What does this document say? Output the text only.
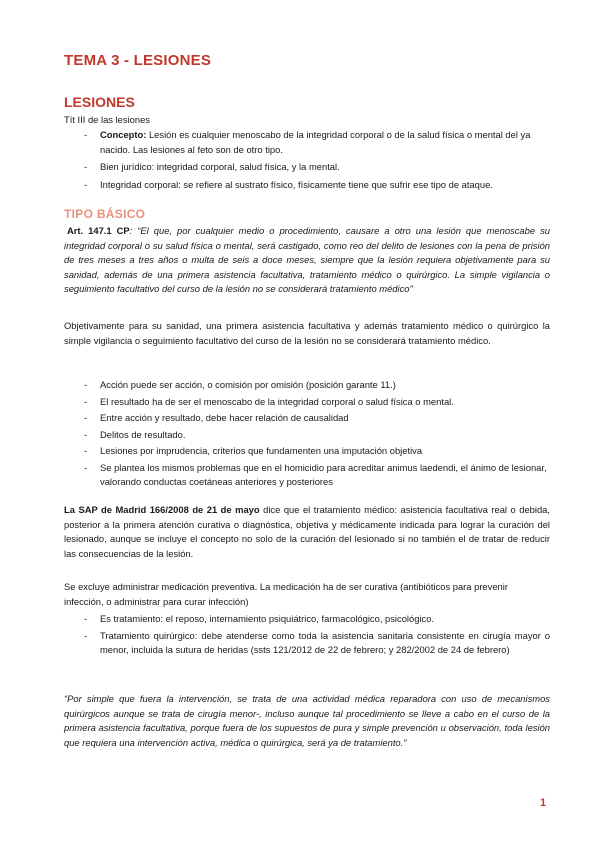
TEMA 3 - LESIONES
LESIONES

Tít III de las lesiones

- Concepto: Lesión es cualquier menoscabo de la integridad corporal o de la salud física o mental del ya nacido. Las lesiones al feto son de otro tipo.
- Bien jurídico: integridad corporal, salud física, y la mental.
- Integridad corporal: se refiere al sustrato físico, físicamente tiene que sufrir ese tipo de ataque.
TIPO BÁSICO

Art. 147.1 CP: “El que, por cualquier medio o procedimiento, causare a otro una lesión que menoscabe su integridad corporal o su salud física o mental, será castigado, como reo del delito de lesiones con la pena de prisión de tres meses a tres años o multa de seis a doce meses, siempre que la lesión requiera objetivamente para su sanidad, además de una primera asistencia facultativa, tratamiento médico o quirúrgico. La simple vigilancia o seguimiento facultativo del curso de la lesión no se considerará tratamiento médico”

Objetivamente para su sanidad, una primera asistencia facultativa y además tratamiento médico o quirúrgico la simple vigilancia o seguimiento facultativo del curso de la lesión no se considerará tratamiento médico.

- Acción puede ser acción, o comisión por omisión (posición garante 11.)
- El resultado ha de ser el menoscabo de la integridad corporal o salud física o mental.
- Entre acción y resultado, debe hacer relación de causalidad
- Delitos de resultado.
- Lesiones por imprudencia, criterios que fundamenten una imputación objetiva
- Se plantea los mismos problemas que en el homicidio para acreditar animus laedendi, el ánimo de lesionar, valorando conductas coetáneas anteriores y posteriores

La SAP de Madrid 166/2008 de 21 de mayo dice que el tratamiento médico: asistencia facultativa real o debida, posterior a la primera atención curativa o diagnóstica, objetiva y médicamente indicada para lograr la curación del lesionado, aunque se incluye el concepto no solo de la curación del lesionado si no también el de tratar de reducir las consecuencias de la lesión.

Se excluye administrar medicación preventiva. La medicación ha de ser curativa (antibióticos para prevenir infección, o administrar para curar infección)

- Es tratamiento: el reposo, internamiento psiquiátrico, farmacológico, psicológico.
- Tratamiento quirúrgico: debe atenderse como toda la asistencia sanitaria consistente en cirugía mayor o menor, incluida la sutura de heridas (ssts 121/2012 de 22 de febrero; y 282/2002 de 24 de febrero)

“Por simple que fuera la intervención, se trata de una actividad médica reparadora con uso de mecanismos quirúrgicos aunque se trata de cirugía menor-, incluso aunque tal procedimiento se lleve a cabo en el curso de la primera asistencia facultativa, porque fuera de los supuestos de pura y simple prevención u observación, toda lesión que requiera una intervención activa, médica o quirúrgica, será ya de tratamiento.”

1
